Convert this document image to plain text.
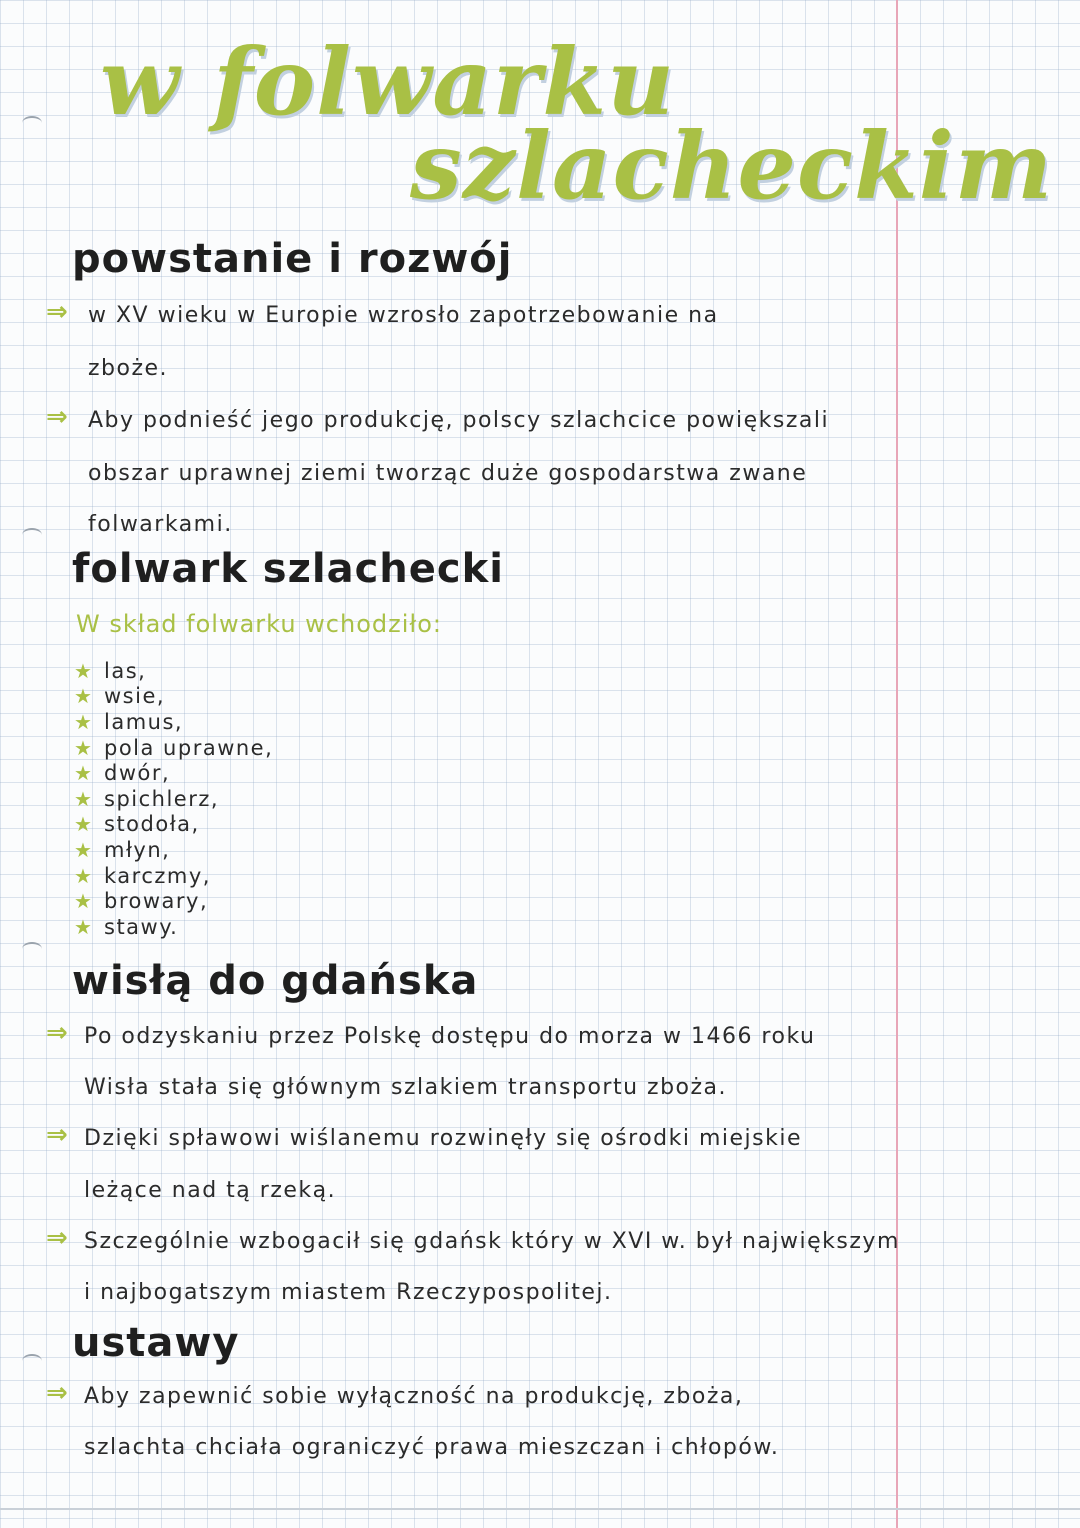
w folwarku
szlacheckim
powstanie i rozwój
⇒ w XV wieku w Europie wzrosło zapotrzebowanie na
zboże.
⇒ Aby podnieść jego produkcję, polscy szlachcice powiększali
obszar uprawnej ziemi tworząc duże gospodarstwa zwane
folwarkami.
folwark szlachecki
W skład folwarku wchodziło:
★ las,
★ wsie,
★ lamus,
★ pola uprawne,
★ dwór,
★ spichlerz,
★ stodoła,
★ młyn,
★ karczmy,
★ browary,
★ stawy.
wisłą do gdańska
⇒ Po odzyskaniu przez Polskę dostępu do morza w 1466 roku
Wisła stała się głównym szlakiem transportu zboża.
⇒ Dzięki spławowi wiślanemu rozwinęły się ośrodki miejskie
leżące nad tą rzeką.
⇒ Szczególnie wzbogacił się gdańsk który w XVI w. był największym
i najbogatszym miastem Rzeczypospolitej.
ustawy
⇒ Aby zapewnić sobie wyłączność na produkcję, zboża,
szlachta chciała ograniczyć prawa mieszczan i chłopów.
